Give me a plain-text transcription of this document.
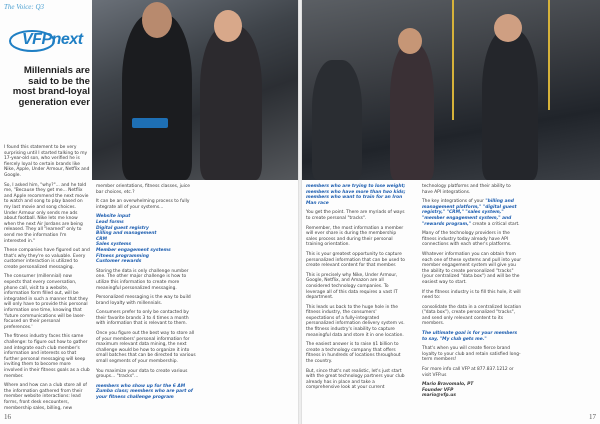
The Voice: Q3
VFPnext
Millennials are said to be the most brand-loyal generation ever

I found this statement to be very surprising until I started talking to my 17-year-old son, who verified he is fiercely loyal to certain brands like Nike, Apple, Under Armour, Netflix and Google.

So, I asked him, "why?"... and he told me, "Because they get me... Netflix and Apple recommend the next movie to watch and song to play based on my last movie and song choices. Under Armour only sends me ads about football. Nike lets me know when the next Air Jordans are being released. They all "learned" only to send me the information I'm interested in."

These companies have figured out and that's why they're so valuable. Every customer interaction is utilized to create personalized messaging.

The consumer (millennial) now expects that every conversation, phone call, visit to a website, information form filled out, will be integrated in such a manner that they will only have to provide this personal information one time, knowing that 'future communications will be laser-focused on their personal preferences.'

The fitness industry faces this same challenge: to figure out how to gather and integrate each club member's information and interests so that further personal messaging will keep inviting them to become more involved in their fitness goals as a club member.

Where and how can a club store all of the information gathered from their member website interactions: lead forms, front desk encounters, membership sales, billing, new

member orientations, fitness classes, juice bar choices, etc.?

It can be an overwhelming process to fully integrate all of your systems...

Website input
Lead forms
Digital guest registry
Billing and management
CRM
Sales systems
Member engagement systems
Fitness programming
Customer rewards

Storing the data is only challenge number one. The other major challenge is how to utilize this information to create more meaningful personalized messaging.

Personalized messaging is the way to build brand loyalty with millennials.

Consumers prefer to only be contacted by their favorite brands 3 to 4 times a month with information that is relevant to them.

Once you figure out the best way to store all of your members' personal information for maximum relevant data mining, the next challenge would be how to organize it into small batches that can be directed to various small segments of your membership.

You maximize your data to create various groups... "tracks"...

members who show up for the 6 AM Zumba class; members who are part of your fitness challenge program

16

members who are trying to lose weight; members who have more than two kids; members who want to train for an Iron Man race

You get the point. There are myriads of ways to create personal "tracks".

Remember, the most information a member will ever share is during the membership sales process and during their personal training orientation.

This is your greatest opportunity to capture personalized information that can be used to create relevant content for that member.

This is precisely why Nike, Under Armour, Google, Netflix, and Amazon are all considered technology companies. To leverage all of this data requires a vast IT department.

This leads us back to the huge hole in the fitness industry, the consumers' expectations of a fully-integrated personalized information delivery system vs. the fitness industry's inability to capture meaningful data and store it in one location.

The easiest answer is to raise $1 billion to create a technology company that offers fitness in hundreds of locations throughout the country.

But, since that's not realistic, let's just start with the great technology partners your club already has in place and take a comprehensive look at your current

technology platforms and their ability to have API integrations.

The key integrations of your "billing and management platform," "digital guest registry," "CRM," "sales system," "member engagement system," and "rewards program," create a critical start.

Many of the technology providers in the fitness industry today already have API connections with each other's platforms.

Whatever information you can obtain from each one of these systems and pull into your member engagement system will give you the ability to create personalized "tracks" (your centralized "data box") and will be the easiest way to start.

If the fitness industry is to fill this hole, it will need to:

consolidate the data in a centralized location ("data box"), create personalized "tracks", and send only relevant content to its members.

The ultimate goal is for your members to say, "My club gets me."

That's when you will create fierce brand loyalty to your club and retain satisfied long-term members!

For more info call VFP at 877.837.1212 or visit VFP.us

Mario Bravomalo, PT
Founder VFP
mario@vfp.us

17
